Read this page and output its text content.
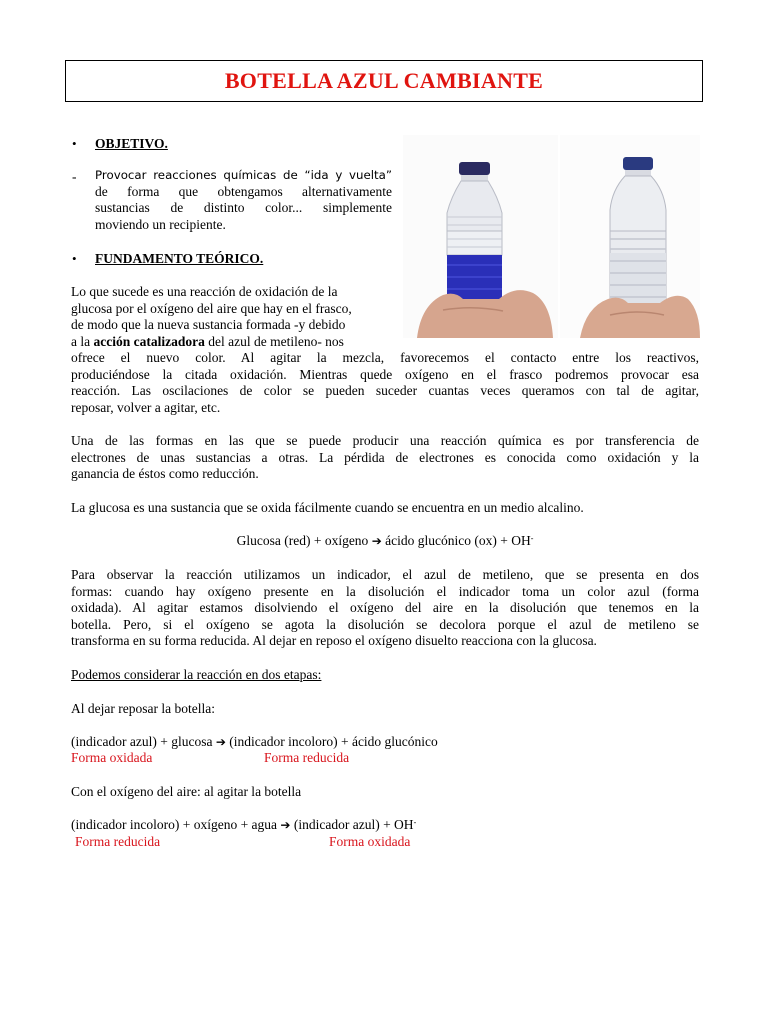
BOTELLA AZUL CAMBIANTE
• OBJETIVO.
- Provocar reacciones químicas de “ida y vuelta”
de forma que obtengamos alternativamente
sustancias de distinto color... simplemente
moviendo un recipiente.
• FUNDAMENTO TEÓRICO.
Lo que sucede es una reacción de oxidación de la
glucosa por el oxígeno del aire que hay en el frasco,
de modo que la nueva sustancia formada -y debido
a la acción catalizadora del azul de metileno- nos
ofrece el nuevo color. Al agitar la mezcla, favorecemos el contacto entre los reactivos,
produciéndose la citada oxidación. Mientras quede oxígeno en el frasco podremos provocar esa
reacción. Las oscilaciones de color se pueden suceder cuantas veces queramos con tal de agitar,
reposar, volver a agitar, etc.
Una de las formas en las que se puede producir una reacción química es por transferencia de
electrones de unas sustancias a otras. La pérdida de electrones es conocida como oxidación y la
ganancia de éstos como reducción.
La glucosa es una sustancia que se oxida fácilmente cuando se encuentra en un medio alcalino.
Glucosa (red) + oxígeno ➔ ácido glucónico (ox) + OH-
Para observar la reacción utilizamos un indicador, el azul de metileno, que se presenta en dos
formas: cuando hay oxígeno presente en la disolución el indicador toma un color azul (forma
oxidada). Al agitar estamos disolviendo el oxígeno del aire en la disolución que tenemos en la
botella. Pero, si el oxígeno se agota la disolución se decolora porque el azul de metileno se
transforma en su forma reducida. Al dejar en reposo el oxígeno disuelto reacciona con la glucosa.
Podemos considerar la reacción en dos etapas:
Al dejar reposar la botella:
(indicador azul) + glucosa ➔ (indicador incoloro) + ácido glucónico
Forma oxidada	Forma reducida
Con el oxígeno del aire: al agitar la botella
(indicador incoloro) + oxígeno + agua ➔ (indicador azul) + OH-
Forma reducida	Forma oxidada
